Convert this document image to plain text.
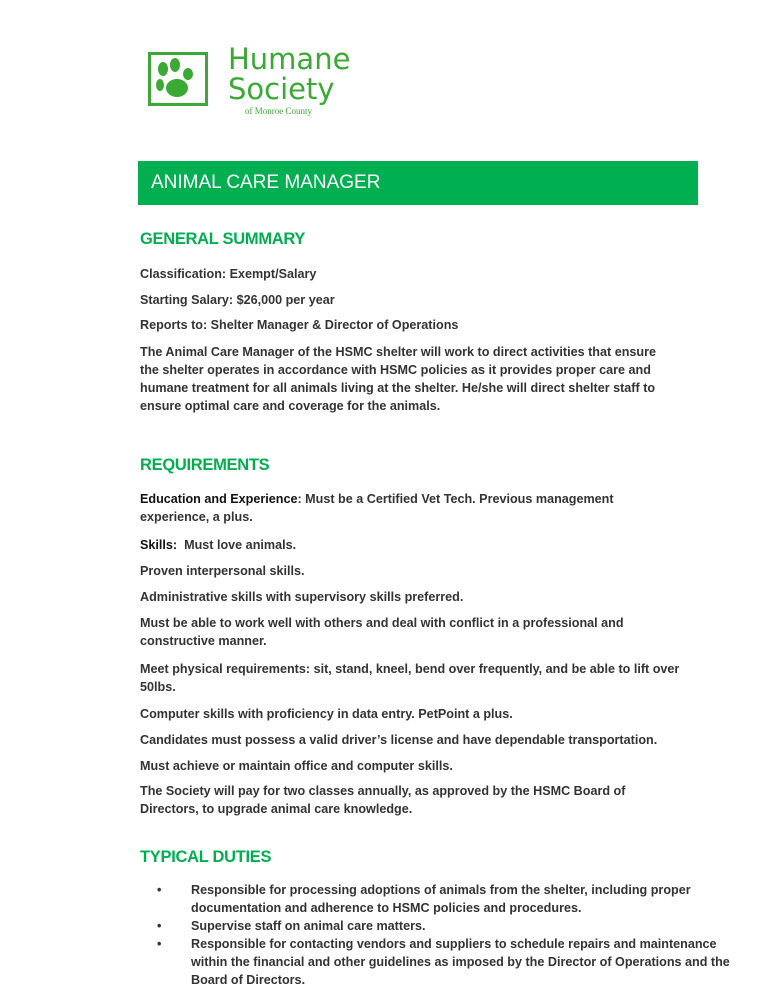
Humane
Society
of Monroe County
ANIMAL CARE MANAGER
GENERAL SUMMARY
Classification: Exempt/Salary
Starting Salary: $26,000 per year
Reports to: Shelter Manager & Director of Operations
The Animal Care Manager of the HSMC shelter will work to direct activities that ensure the shelter operates in accordance with HSMC policies as it provides proper care and humane treatment for all animals living at the shelter. He/she will direct shelter staff to ensure optimal care and coverage for the animals.
REQUIREMENTS
Education and Experience: Must be a Certified Vet Tech. Previous management experience, a plus.
Skills:  Must love animals.
Proven interpersonal skills.
Administrative skills with supervisory skills preferred.
Must be able to work well with others and deal with conflict in a professional and constructive manner.
Meet physical requirements: sit, stand, kneel, bend over frequently, and be able to lift over 50lbs.
Computer skills with proficiency in data entry. PetPoint a plus.
Candidates must possess a valid driver’s license and have dependable transportation.
Must achieve or maintain office and computer skills.
The Society will pay for two classes annually, as approved by the HSMC Board of Directors, to upgrade animal care knowledge.
TYPICAL DUTIES
• Responsible for processing adoptions of animals from the shelter, including proper documentation and adherence to HSMC policies and procedures.
• Supervise staff on animal care matters.
• Responsible for contacting vendors and suppliers to schedule repairs and maintenance within the financial and other guidelines as imposed by the Director of Operations and the Board of Directors.
